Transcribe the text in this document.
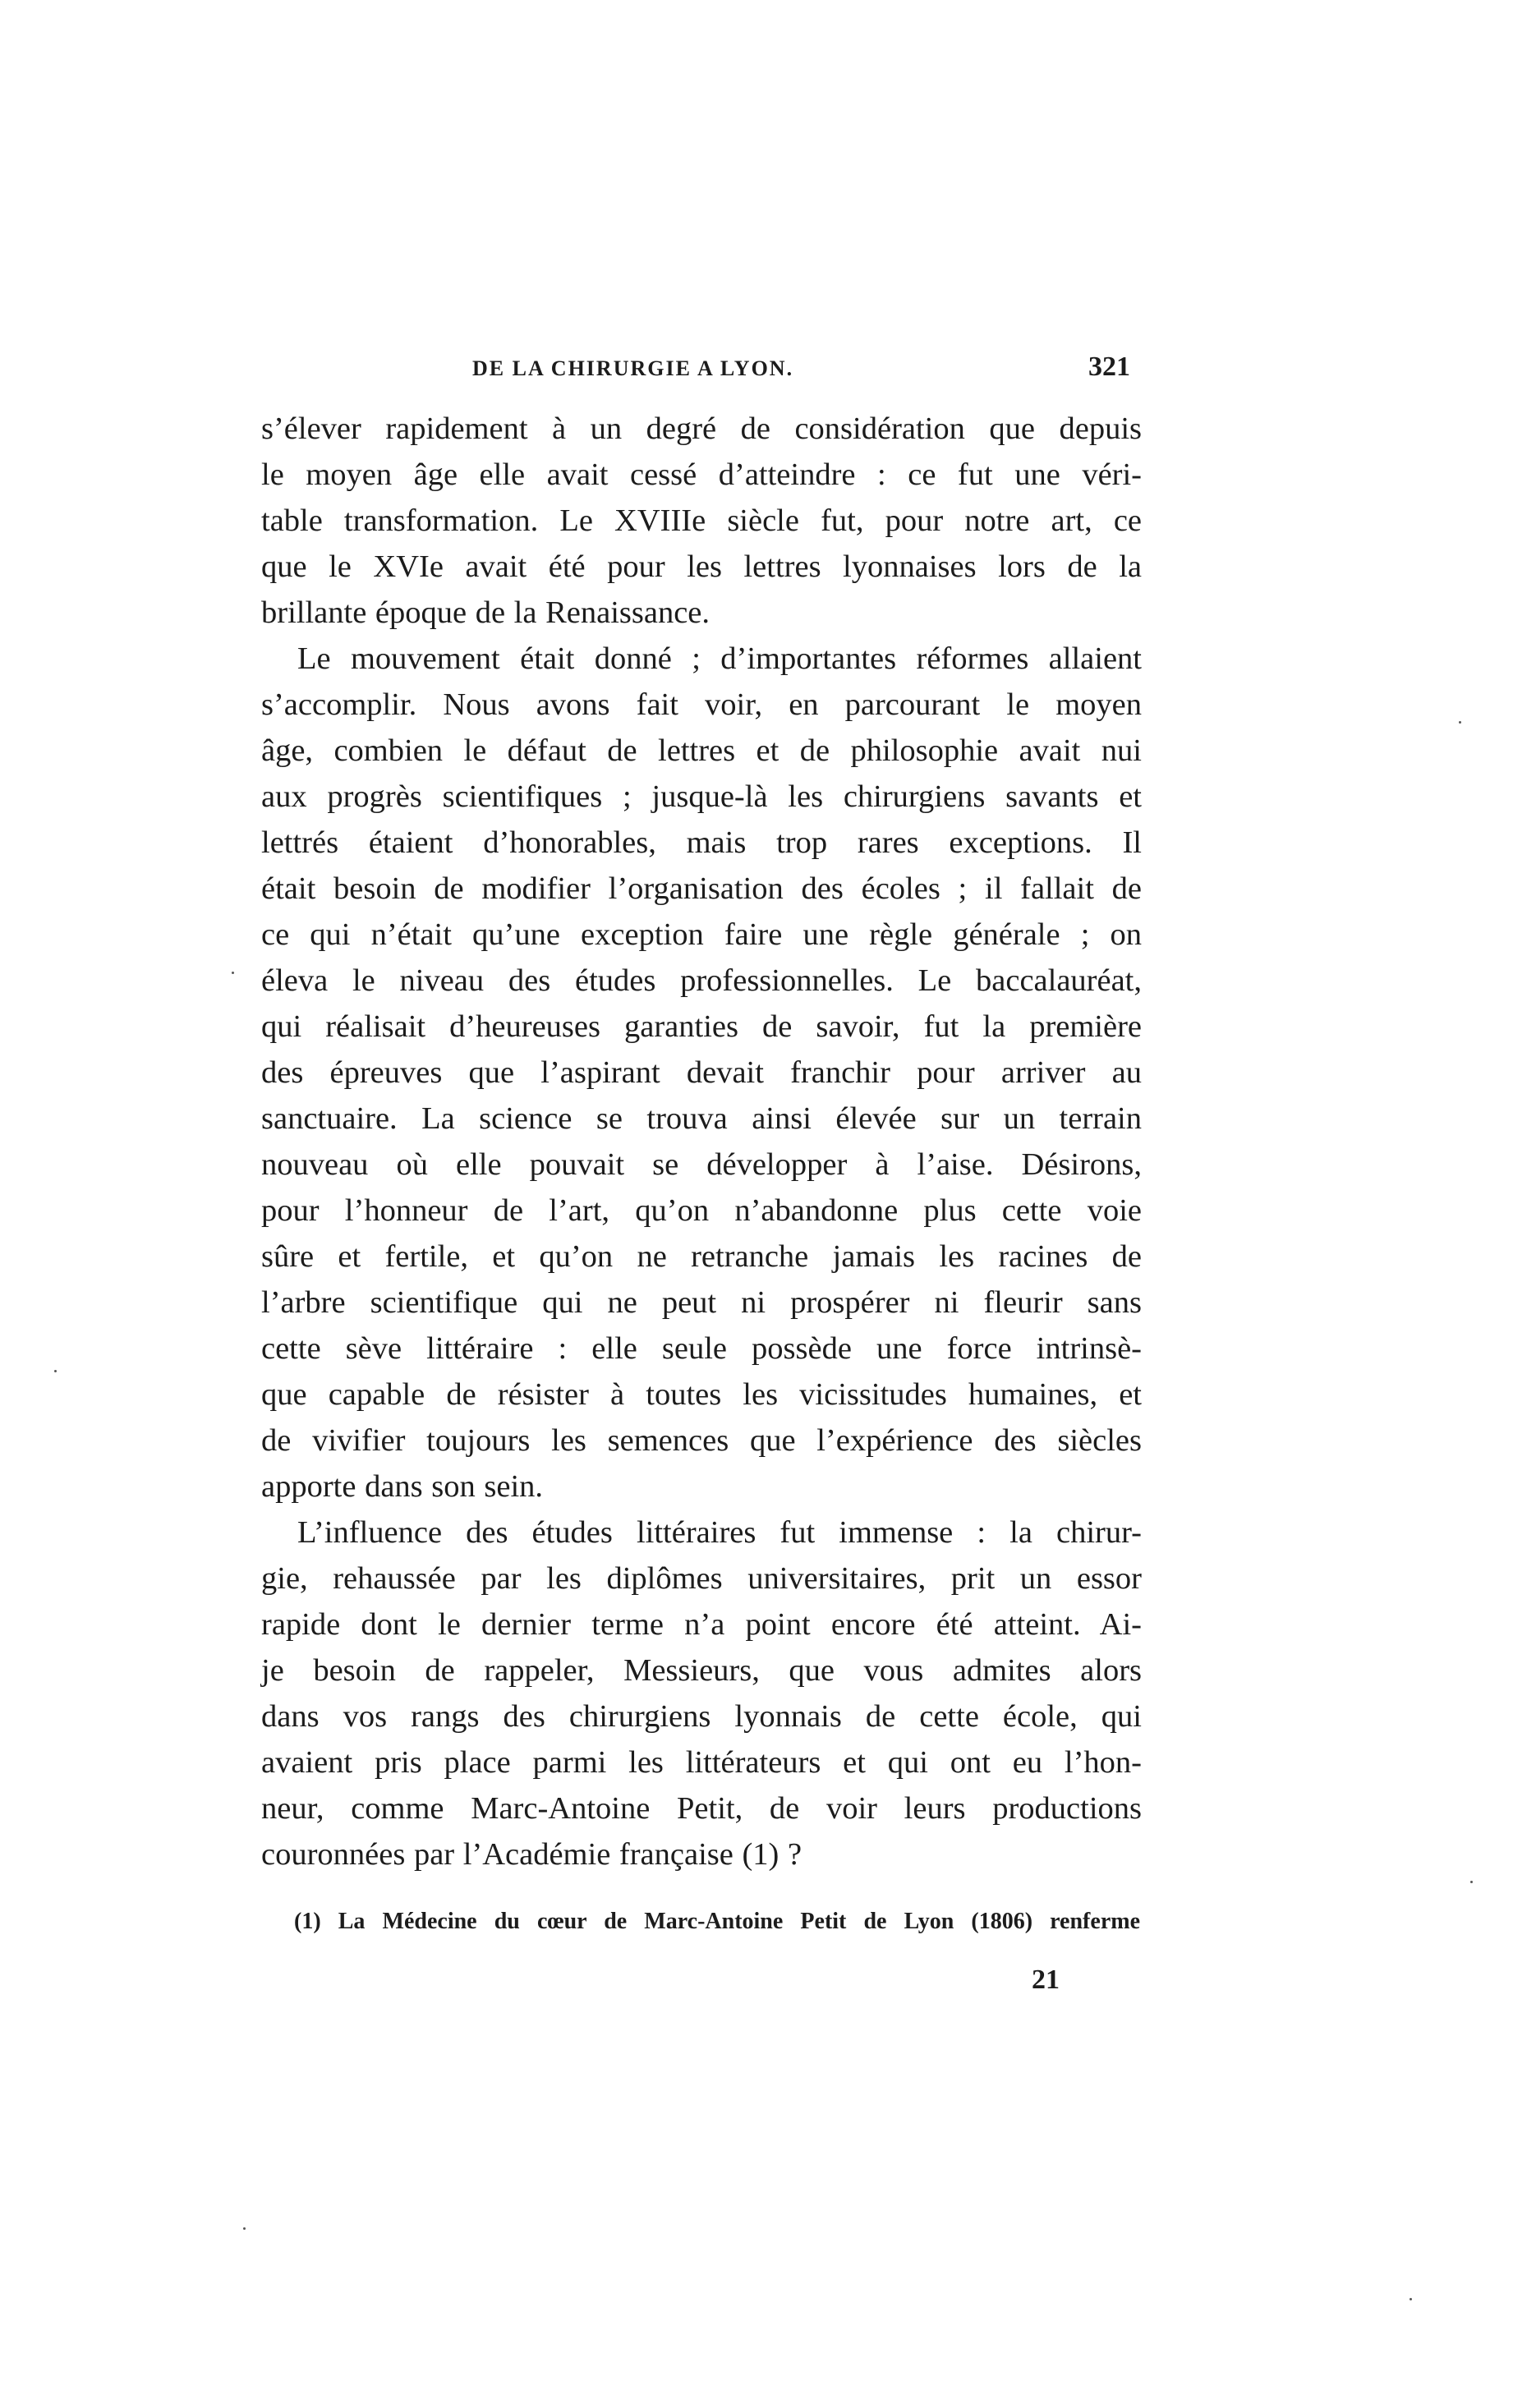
DE LA CHIRURGIE A LYON.	321
s’élever rapidement à un degré de considération que depuis
le moyen âge elle avait cessé d’atteindre : ce fut une véri-
table transformation. Le XVIIIe siècle fut, pour notre art, ce
que le XVIe avait été pour les lettres lyonnaises lors de la
brillante époque de la Renaissance.
Le mouvement était donné ; d’importantes réformes allaient
s’accomplir. Nous avons fait voir, en parcourant le moyen
âge, combien le défaut de lettres et de philosophie avait nui
aux progrès scientifiques ; jusque-là les chirurgiens savants et
lettrés étaient d’honorables, mais trop rares exceptions. Il
était besoin de modifier l’organisation des écoles ; il fallait de
ce qui n’était qu’une exception faire une règle générale ; on
éleva le niveau des études professionnelles. Le baccalauréat,
qui réalisait d’heureuses garanties de savoir, fut la première
des épreuves que l’aspirant devait franchir pour arriver au
sanctuaire. La science se trouva ainsi élevée sur un terrain
nouveau où elle pouvait se développer à l’aise. Désirons,
pour l’honneur de l’art, qu’on n’abandonne plus cette voie
sûre et fertile, et qu’on ne retranche jamais les racines de
l’arbre scientifique qui ne peut ni prospérer ni fleurir sans
cette sève littéraire : elle seule possède une force intrinsè-
que capable de résister à toutes les vicissitudes humaines, et
de vivifier toujours les semences que l’expérience des siècles
apporte dans son sein.
L’influence des études littéraires fut immense : la chirur-
gie, rehaussée par les diplômes universitaires, prit un essor
rapide dont le dernier terme n’a point encore été atteint. Ai-
je besoin de rappeler, Messieurs, que vous admites alors
dans vos rangs des chirurgiens lyonnais de cette école, qui
avaient pris place parmi les littérateurs et qui ont eu l’hon-
neur, comme Marc-Antoine Petit, de voir leurs productions
couronnées par l’Académie française (1) ?
(1) La Médecine du cœur de Marc-Antoine Petit de Lyon (1806) renferme
21
